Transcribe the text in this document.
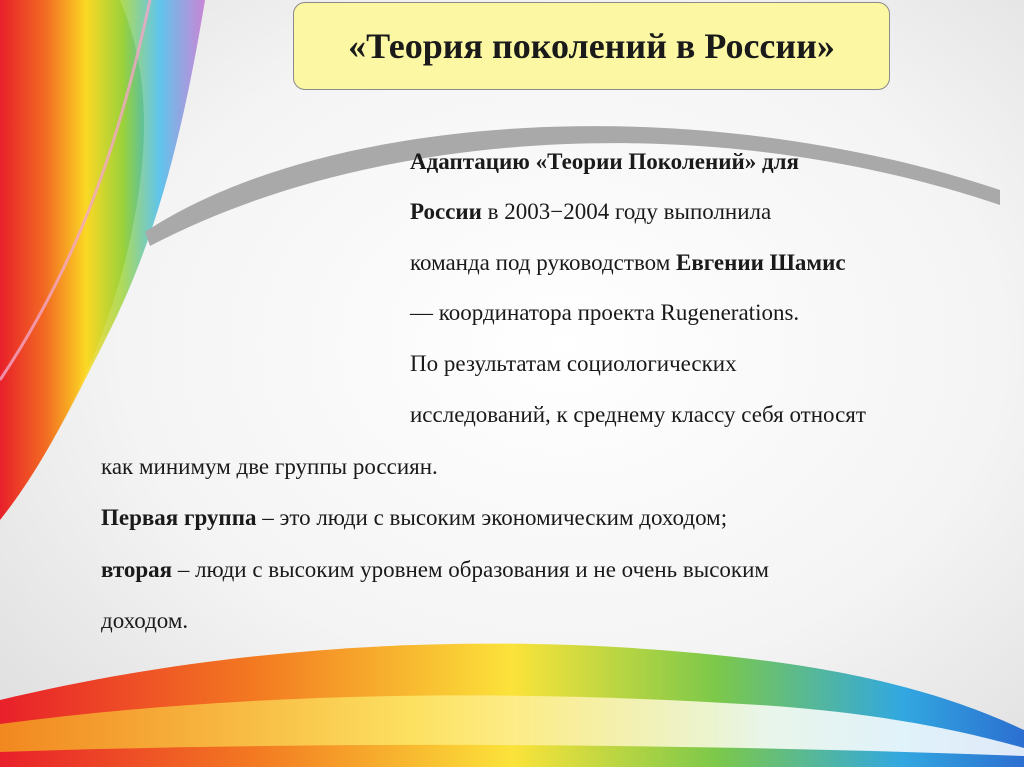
«Теория поколений в России»
Адаптацию «Теории Поколений» для
России в 2003−2004 году выполнила
команда под руководством Евгении Шамис
— координатора проекта Rugenerations.
По результатам социологических
исследований, к среднему классу себя относят
как минимум две группы россиян.
Первая группа – это люди с высоким экономическим доходом;
вторая – люди с высоким уровнем образования и не очень высоким
доходом.
